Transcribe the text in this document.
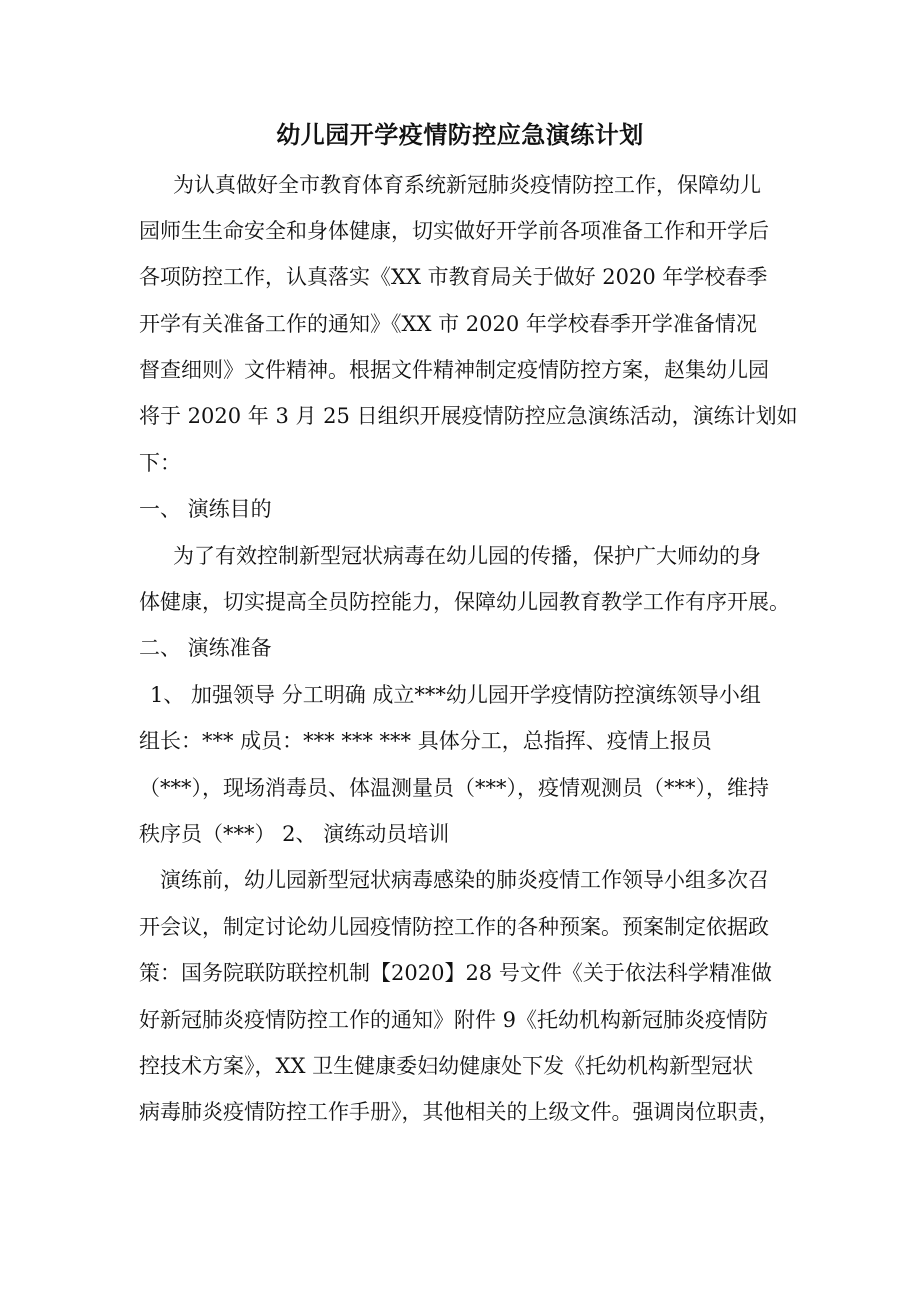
幼儿园开学疫情防控应急演练计划
为认真做好全市教育体育系统新冠肺炎疫情防控工作，保障幼儿
园师生生命安全和身体健康，切实做好开学前各项准备工作和开学后
各项防控工作，认真落实《XX 市教育局关于做好 2020 年学校春季
开学有关准备工作的通知》《XX 市 2020 年学校春季开学准备情况
督查细则》文件精神。根据文件精神制定疫情防控方案，赵集幼儿园
将于 2020 年 3 月 25 日组织开展疫情防控应急演练活动，演练计划如
下：
一、 演练目的
为了有效控制新型冠状病毒在幼儿园的传播，保护广大师幼的身
体健康，切实提高全员防控能力，保障幼儿园教育教学工作有序开展。
二、 演练准备
1、 加强领导 分工明确 成立***幼儿园开学疫情防控演练领导小组
组长：*** 成员：*** *** *** 具体分工，总指挥、疫情上报员
（***），现场消毒员、体温测量员（***），疫情观测员（***），维持
秩序员（***） 2、 演练动员培训
演练前，幼儿园新型冠状病毒感染的肺炎疫情工作领导小组多次召
开会议，制定讨论幼儿园疫情防控工作的各种预案。预案制定依据政
策：国务院联防联控机制【2020】28 号文件《关于依法科学精准做
好新冠肺炎疫情防控工作的通知》附件 9《托幼机构新冠肺炎疫情防
控技术方案》，XX 卫生健康委妇幼健康处下发《托幼机构新型冠状
病毒肺炎疫情防控工作手册》，其他相关的上级文件。强调岗位职责，
